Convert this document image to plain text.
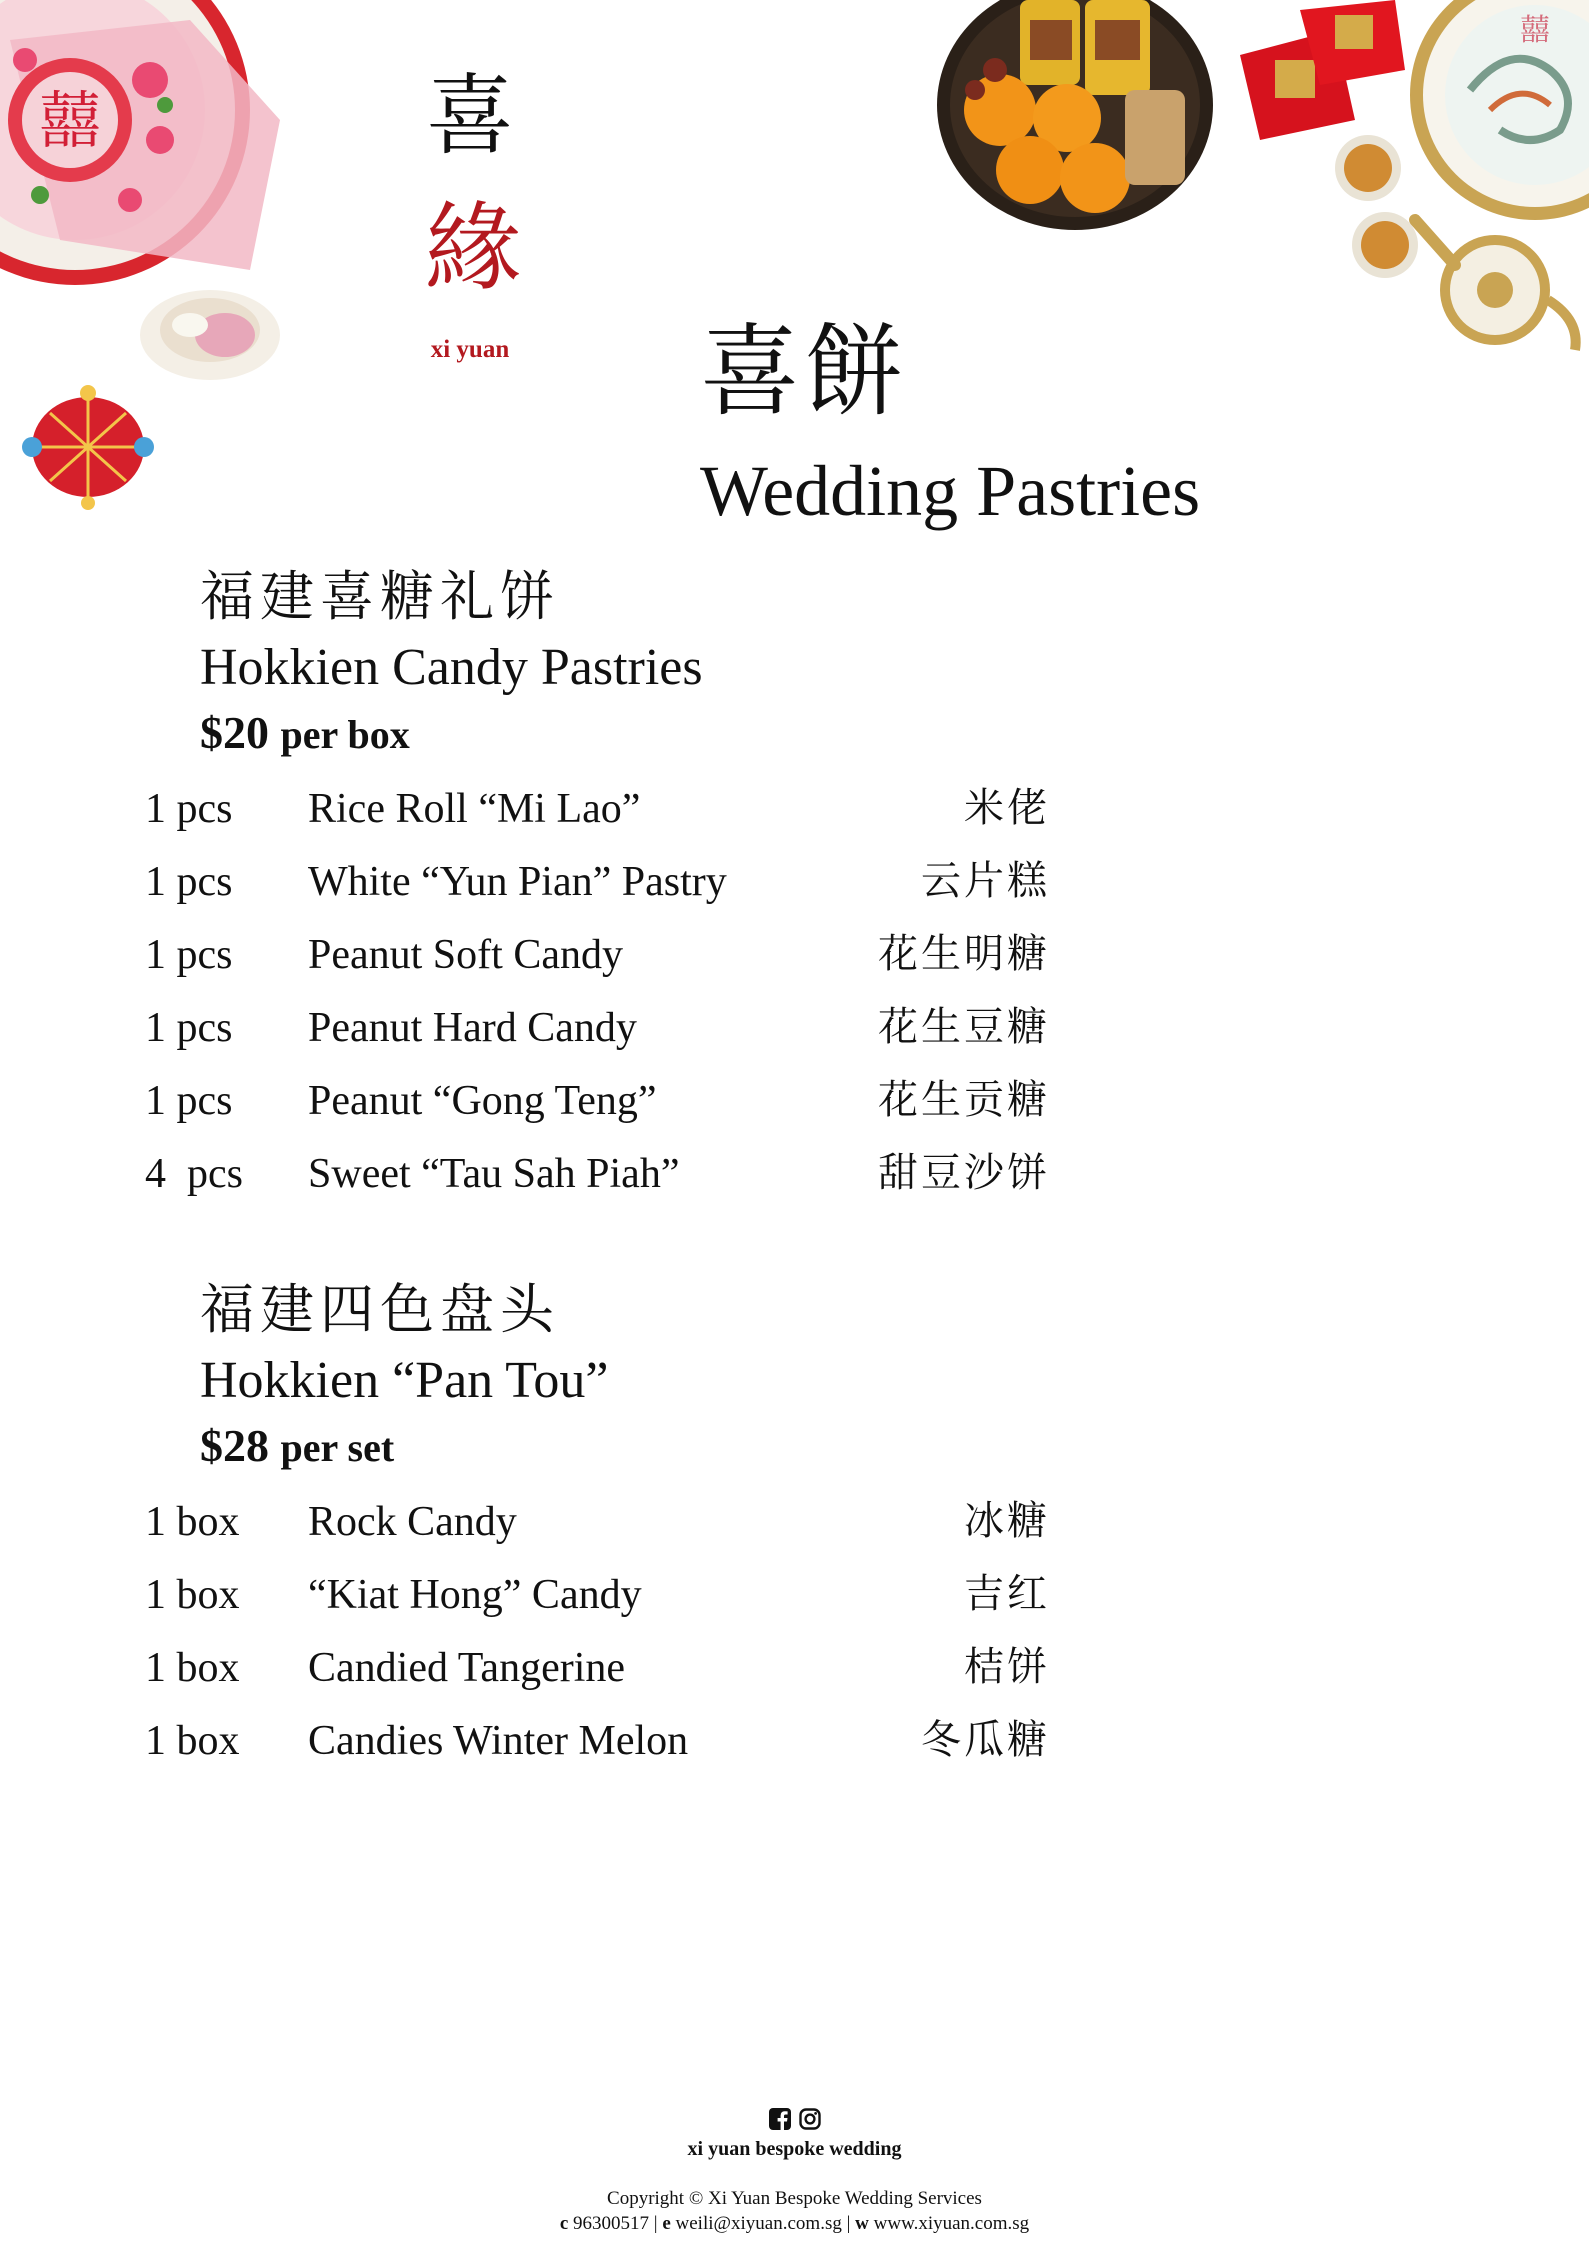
囍
囍
喜
緣
xi yuan 喜餅
Wedding Pastries
福建喜糖礼饼
Hokkien Candy Pastries
$20 per box
1 pcs Rice Roll “Mi Lao”	米佬
1 pcs White “Yun Pian” Pastry	云片糕
1 pcs Peanut Soft Candy	花生明糖
1 pcs Peanut Hard Candy	花生豆糖
1 pcs Peanut “Gong Teng”	花生贡糖
4  pcs Sweet “Tau Sah Piah”	甜豆沙饼
福建四色盘头
Hokkien “Pan Tou”
$28 per set
1 box Rock Candy	冰糖
1 box “Kiat Hong” Candy	吉红
1 box Candied Tangerine	桔饼
1 box Candies Winter Melon	冬瓜糖

xi yuan bespoke wedding
Copyright © Xi Yuan Bespoke Wedding Services
c 96300517 | e weili@xiyuan.com.sg | w www.xiyuan.com.sg
